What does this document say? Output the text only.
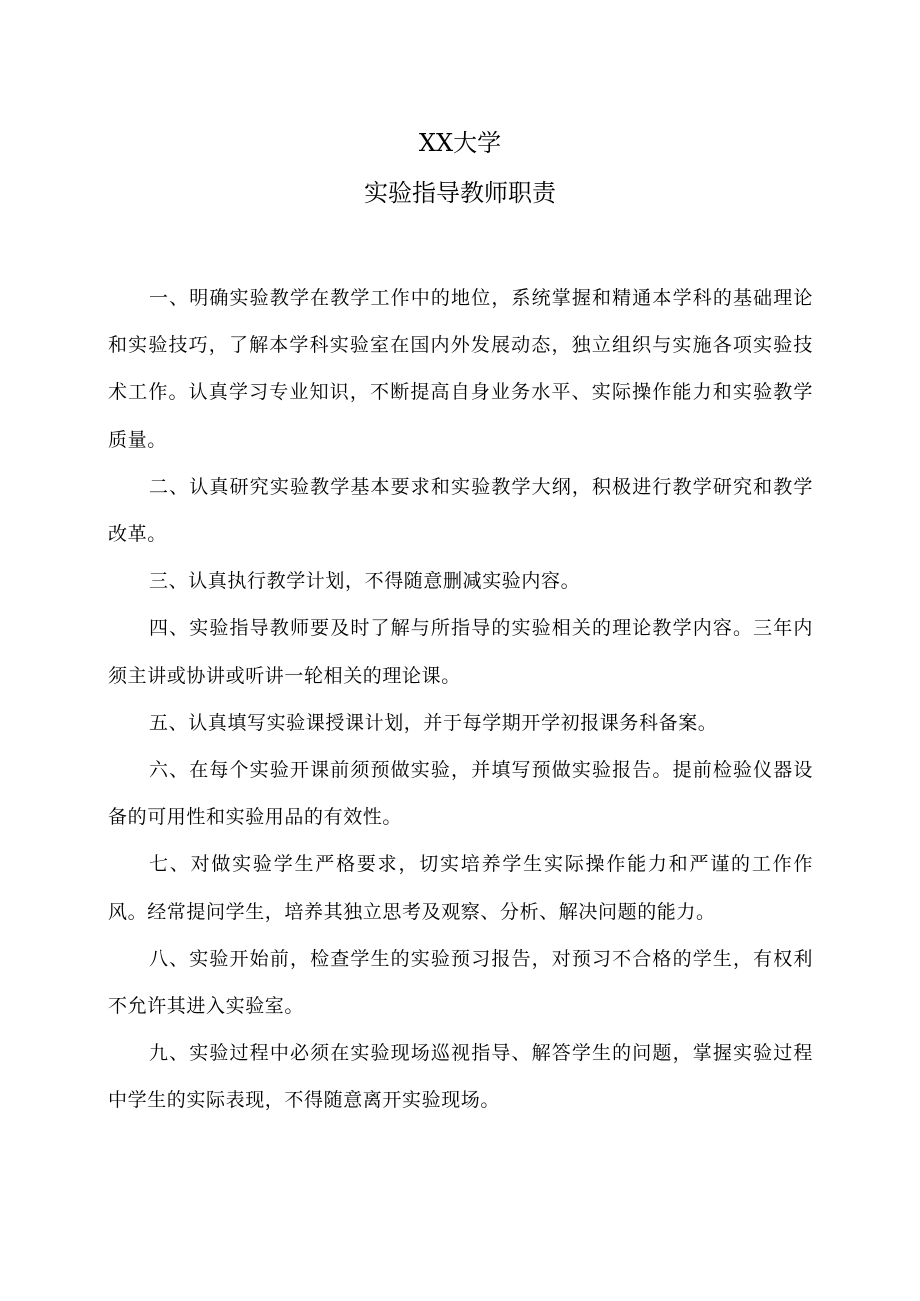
XX大学
实验指导教师职责

一、明确实验教学在教学工作中的地位，系统掌握和精通本学科的基础理论和实验技巧，了解本学科实验室在国内外发展动态，独立组织与实施各项实验技术工作。认真学习专业知识，不断提高自身业务水平、实际操作能力和实验教学质量。

二、认真研究实验教学基本要求和实验教学大纲，积极进行教学研究和教学改革。

三、认真执行教学计划，不得随意删减实验内容。

四、实验指导教师要及时了解与所指导的实验相关的理论教学内容。三年内须主讲或协讲或听讲一轮相关的理论课。

五、认真填写实验课授课计划，并于每学期开学初报课务科备案。

六、在每个实验开课前须预做实验，并填写预做实验报告。提前检验仪器设备的可用性和实验用品的有效性。

七、对做实验学生严格要求，切实培养学生实际操作能力和严谨的工作作风。经常提问学生，培养其独立思考及观察、分析、解决问题的能力。

八、实验开始前，检查学生的实验预习报告，对预习不合格的学生，有权利不允许其进入实验室。

九、实验过程中必须在实验现场巡视指导、解答学生的问题，掌握实验过程中学生的实际表现，不得随意离开实验现场。
